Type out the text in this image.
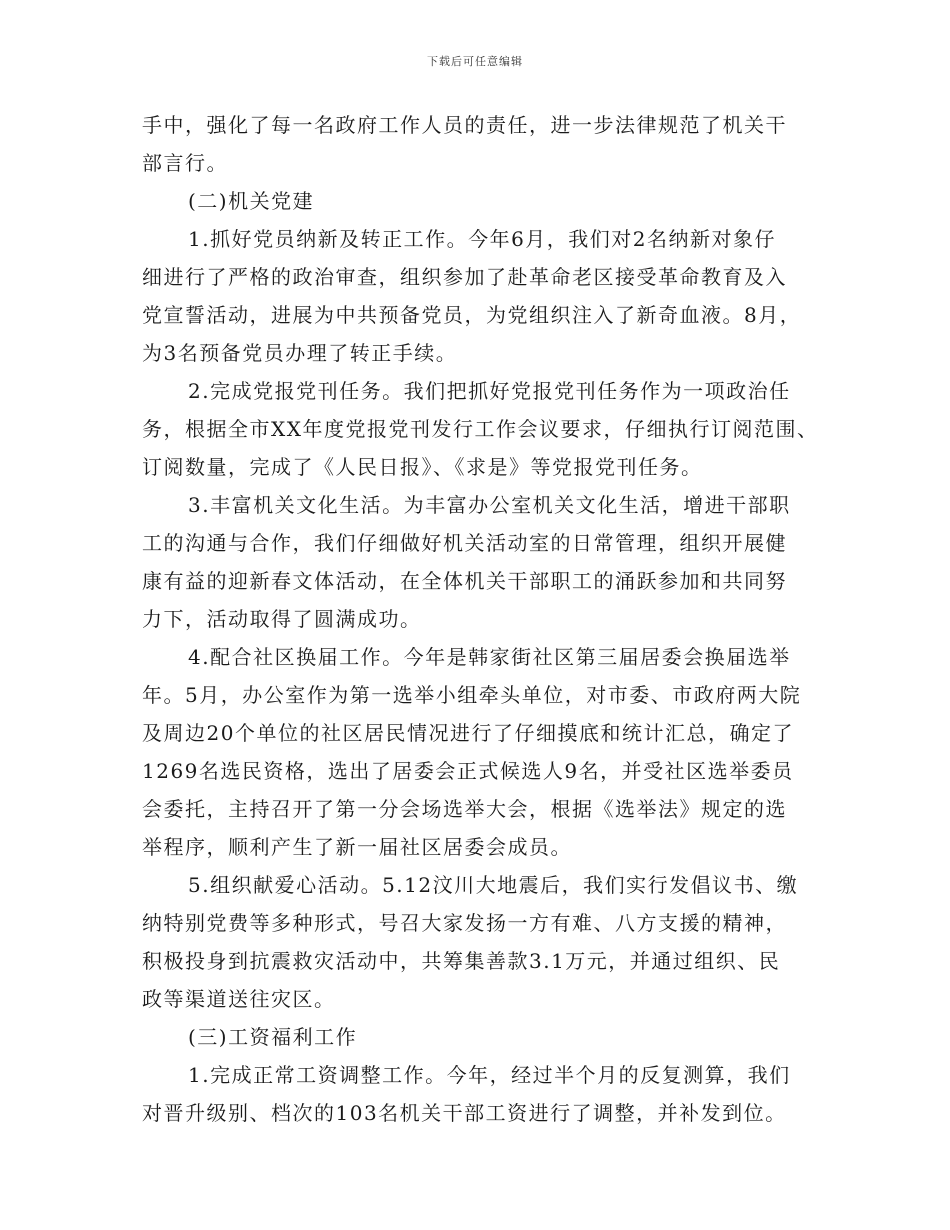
下载后可任意编辑
手中，强化了每一名政府工作人员的责任，进一步法律规范了机关干
部言行。
(二)机关党建
1.抓好党员纳新及转正工作。今年6月，我们对2名纳新对象仔
细进行了严格的政治审查，组织参加了赴革命老区接受革命教育及入
党宣誓活动，进展为中共预备党员，为党组织注入了新奇血液。8月，
为3名预备党员办理了转正手续。
2.完成党报党刊任务。我们把抓好党报党刊任务作为一项政治任
务，根据全市XX年度党报党刊发行工作会议要求，仔细执行订阅范围、
订阅数量，完成了《人民日报》、《求是》等党报党刊任务。
3.丰富机关文化生活。为丰富办公室机关文化生活，增进干部职
工的沟通与合作，我们仔细做好机关活动室的日常管理，组织开展健
康有益的迎新春文体活动，在全体机关干部职工的涌跃参加和共同努
力下，活动取得了圆满成功。
4.配合社区换届工作。今年是韩家街社区第三届居委会换届选举
年。5月，办公室作为第一选举小组牵头单位，对市委、市政府两大院
及周边20个单位的社区居民情况进行了仔细摸底和统计汇总，确定了
1269名选民资格，选出了居委会正式候选人9名，并受社区选举委员
会委托，主持召开了第一分会场选举大会，根据《选举法》规定的选
举程序，顺利产生了新一届社区居委会成员。
5.组织献爱心活动。5.12汶川大地震后，我们实行发倡议书、缴
纳特别党费等多种形式，号召大家发扬一方有难、八方支援的精神，
积极投身到抗震救灾活动中，共筹集善款3.1万元，并通过组织、民
政等渠道送往灾区。
(三)工资福利工作
1.完成正常工资调整工作。今年，经过半个月的反复测算，我们
对晋升级别、档次的103名机关干部工资进行了调整，并补发到位。
